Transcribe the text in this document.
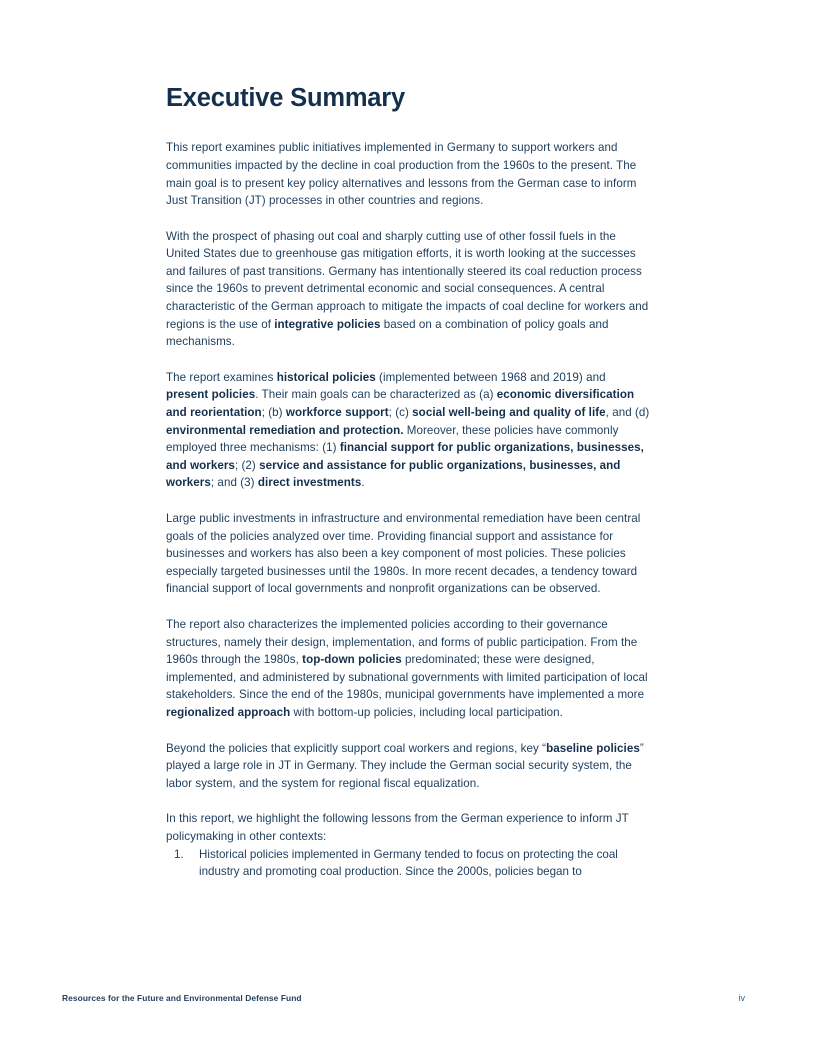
Executive Summary

This report examines public initiatives implemented in Germany to support workers and communities impacted by the decline in coal production from the 1960s to the present. The main goal is to present key policy alternatives and lessons from the German case to inform Just Transition (JT) processes in other countries and regions.

With the prospect of phasing out coal and sharply cutting use of other fossil fuels in the United States due to greenhouse gas mitigation efforts, it is worth looking at the successes and failures of past transitions. Germany has intentionally steered its coal reduction process since the 1960s to prevent detrimental economic and social consequences. A central characteristic of the German approach to mitigate the impacts of coal decline for workers and regions is the use of integrative policies based on a combination of policy goals and mechanisms.

The report examines historical policies (implemented between 1968 and 2019) and present policies. Their main goals can be characterized as (a) economic diversification and reorientation; (b) workforce support; (c) social well-being and quality of life, and (d) environmental remediation and protection. Moreover, these policies have commonly employed three mechanisms: (1) financial support for public organizations, businesses, and workers; (2) service and assistance for public organizations, businesses, and workers; and (3) direct investments.

Large public investments in infrastructure and environmental remediation have been central goals of the policies analyzed over time. Providing financial support and assistance for businesses and workers has also been a key component of most policies. These policies especially targeted businesses until the 1980s. In more recent decades, a tendency toward financial support of local governments and nonprofit organizations can be observed.

The report also characterizes the implemented policies according to their governance structures, namely their design, implementation, and forms of public participation. From the 1960s through the 1980s, top-down policies predominated; these were designed, implemented, and administered by subnational governments with limited participation of local stakeholders. Since the end of the 1980s, municipal governments have implemented a more regionalized approach with bottom-up policies, including local participation.

Beyond the policies that explicitly support coal workers and regions, key “baseline policies” played a large role in JT in Germany. They include the German social security system, the labor system, and the system for regional fiscal equalization.

In this report, we highlight the following lessons from the German experience to inform JT policymaking in other contexts:

1.	Historical policies implemented in Germany tended to focus on protecting the coal industry and promoting coal production. Since the 2000s, policies began to
Resources for the Future and Environmental Defense Fund	iv
